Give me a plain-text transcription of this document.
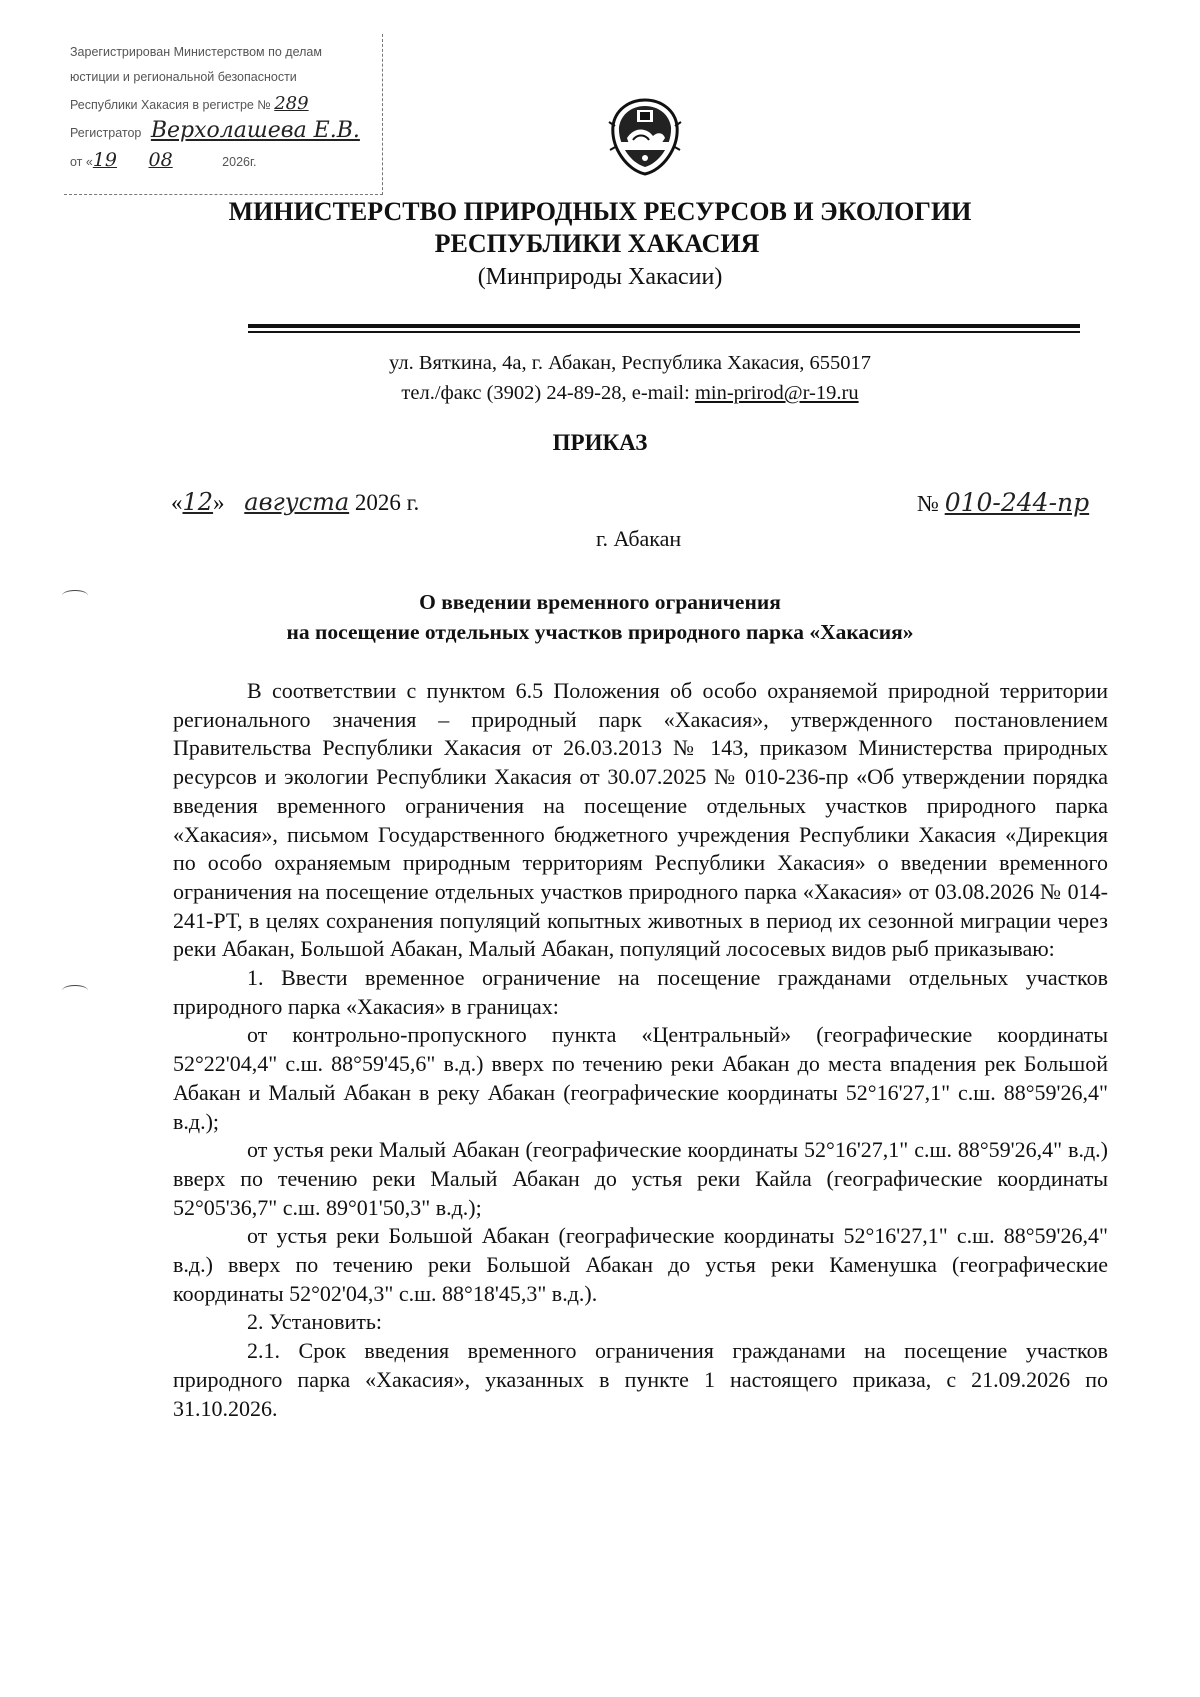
Зарегистрирован Министерством по делам
юстиции и региональной безопасности
Республики Хакасия в регистре № 289
Регистратор Верхолашева Е.В.
от «19 08	2026г.
МИНИСТЕРСТВО ПРИРОДНЫХ РЕСУРСОВ И ЭКОЛОГИИ
РЕСПУБЛИКИ ХАКАСИЯ
(Минприроды Хакасии)
ул. Вяткина, 4а, г. Абакан, Республика Хакасия, 655017
тел./факс (3902) 24-89-28, e-mail: min-prirod@r-19.ru
ПРИКАЗ
«12» августа 2026 г.	№ 010-244-пр
г. Абакан
О введении временного ограничения
на посещение отдельных участков природного парка «Хакасия»

В соответствии с пунктом 6.5 Положения об особо охраняемой природной территории регионального значения – природный парк «Хакасия», утвержденного постановлением Правительства Республики Хакасия от 26.03.2013 № 143, приказом Министерства природных ресурсов и экологии Республики Хакасия от 30.07.2025 № 010-236-пр «Об утверждении порядка введения временного ограничения на посещение отдельных участков природного парка «Хакасия», письмом Государственного бюджетного учреждения Республики Хакасия «Дирекция по особо охраняемым природным территориям Республики Хакасия» о введении временного ограничения на посещение отдельных участков природного парка «Хакасия» от 03.08.2026 № 014-241-РТ, в целях сохранения популяций копытных животных в период их сезонной миграции через реки Абакан, Большой Абакан, Малый Абакан, популяций лососевых видов рыб приказываю:

1. Ввести временное ограничение на посещение гражданами отдельных участков природного парка «Хакасия» в границах:

от контрольно-пропускного пункта «Центральный» (географические координаты 52°22'04,4" с.ш. 88°59'45,6" в.д.) вверх по течению реки Абакан до места впадения рек Большой Абакан и Малый Абакан в реку Абакан (географические координаты 52°16'27,1" с.ш. 88°59'26,4" в.д.);

от устья реки Малый Абакан (географические координаты 52°16'27,1" с.ш. 88°59'26,4" в.д.) вверх по течению реки Малый Абакан до устья реки Кайла (географические координаты 52°05'36,7" с.ш. 89°01'50,3" в.д.);

от устья реки Большой Абакан (географические координаты 52°16'27,1" с.ш. 88°59'26,4" в.д.) вверх по течению реки Большой Абакан до устья реки Каменушка (географические координаты 52°02'04,3" с.ш. 88°18'45,3" в.д.).

2. Установить:

2.1. Срок введения временного ограничения гражданами на посещение участков природного парка «Хакасия», указанных в пункте 1 настоящего приказа, с 21.09.2026 по 31.10.2026.
